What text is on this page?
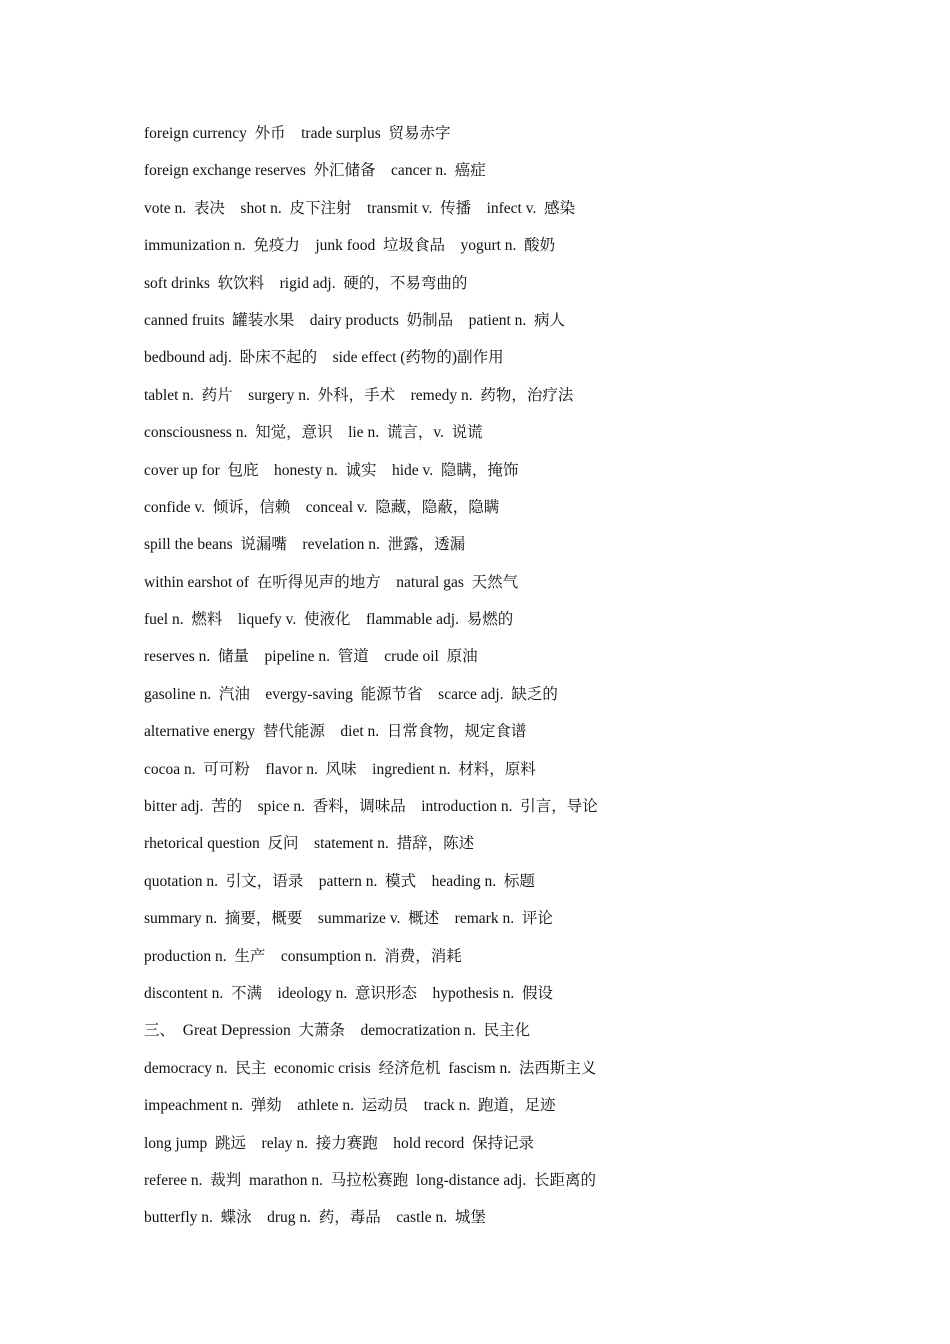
foreign currency  外币    trade surplus  贸易赤字
foreign exchange reserves  外汇储备    cancer n.  癌症
vote n.  表决    shot n.  皮下注射    transmit v.  传播    infect v.  感染
immunization n.  免疫力    junk food  垃圾食品    yogurt n.  酸奶
soft drinks  软饮料    rigid adj.  硬的，不易弯曲的
canned fruits  罐装水果    dairy products  奶制品    patient n.  病人
bedbound adj.  卧床不起的    side effect (药物的)副作用
tablet n.  药片    surgery n.  外科，手术    remedy n.  药物，治疗法
consciousness n.  知觉，意识    lie n.  谎言，v.  说谎
cover up for  包庇    honesty n.  诚实    hide v.  隐瞒，掩饰
confide v.  倾诉，信赖    conceal v.  隐藏，隐蔽，隐瞒
spill the beans  说漏嘴    revelation n.  泄露，透漏
within earshot of  在听得见声的地方    natural gas  天然气
fuel n.  燃料    liquefy v.  使液化    flammable adj.  易燃的
reserves n.  储量    pipeline n.  管道    crude oil  原油
gasoline n.  汽油    evergy-saving  能源节省    scarce adj.  缺乏的
alternative energy  替代能源    diet n.  日常食物，规定食谱
cocoa n.  可可粉    flavor n.  风味    ingredient n.  材料，原料
bitter adj.  苦的    spice n.  香料，调味品    introduction n.  引言，导论
rhetorical question  反问    statement n.  措辞，陈述
quotation n.  引文，语录    pattern n.  模式    heading n.  标题
summary n.  摘要，概要    summarize v.  概述    remark n.  评论
production n.  生产    consumption n.  消费，消耗
discontent n.  不满    ideology n.  意识形态    hypothesis n.  假设
三、  Great Depression  大萧条    democratization n.  民主化
democracy n.  民主  economic crisis  经济危机  fascism n.  法西斯主义
impeachment n.  弹劾    athlete n.  运动员    track n.  跑道，足迹
long jump  跳远    relay n.  接力赛跑    hold record  保持记录
referee n.  裁判  marathon n.  马拉松赛跑  long-distance adj.  长距离的
butterfly n.  蝶泳    drug n.  药，毒品    castle n.  城堡
